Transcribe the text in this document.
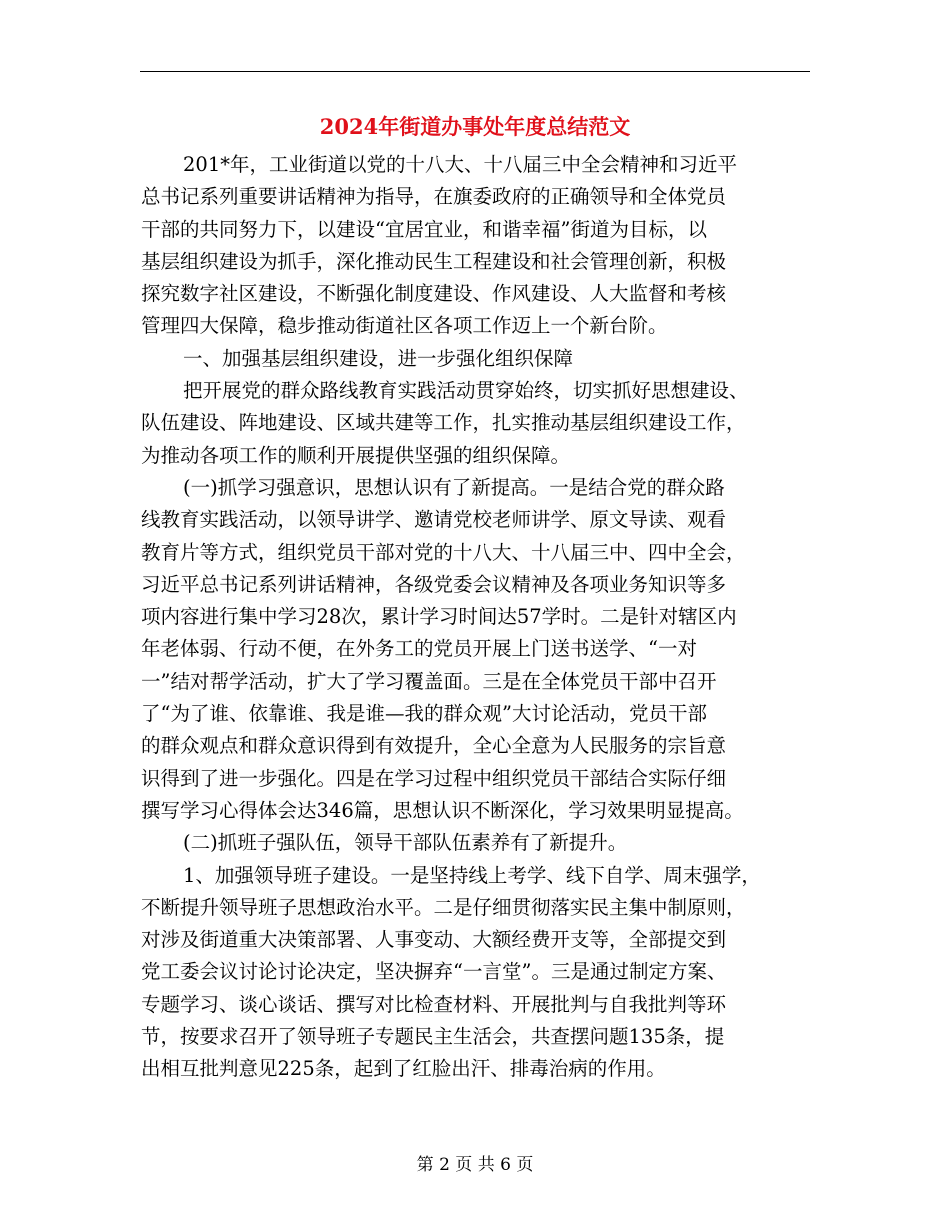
2024年街道办事处年度总结范文
201*年，工业街道以党的十八大、十八届三中全会精神和习近平
总书记系列重要讲话精神为指导，在旗委政府的正确领导和全体党员
干部的共同努力下，以建设“宜居宜业，和谐幸福”街道为目标，以
基层组织建设为抓手，深化推动民生工程建设和社会管理创新，积极
探究数字社区建设，不断强化制度建设、作风建设、人大监督和考核
管理四大保障，稳步推动街道社区各项工作迈上一个新台阶。
一、加强基层组织建设，进一步强化组织保障
把开展党的群众路线教育实践活动贯穿始终，切实抓好思想建设、
队伍建设、阵地建设、区域共建等工作，扎实推动基层组织建设工作，
为推动各项工作的顺利开展提供坚强的组织保障。
(一)抓学习强意识，思想认识有了新提高。一是结合党的群众路
线教育实践活动，以领导讲学、邀请党校老师讲学、原文导读、观看
教育片等方式，组织党员干部对党的十八大、十八届三中、四中全会，
习近平总书记系列讲话精神，各级党委会议精神及各项业务知识等多
项内容进行集中学习28次，累计学习时间达57学时。二是针对辖区内
年老体弱、行动不便，在外务工的党员开展上门送书送学、“一对
一”结对帮学活动，扩大了学习覆盖面。三是在全体党员干部中召开
了“为了谁、依靠谁、我是谁—我的群众观”大讨论活动，党员干部
的群众观点和群众意识得到有效提升，全心全意为人民服务的宗旨意
识得到了进一步强化。四是在学习过程中组织党员干部结合实际仔细
撰写学习心得体会达346篇，思想认识不断深化，学习效果明显提高。
(二)抓班子强队伍，领导干部队伍素养有了新提升。
1、加强领导班子建设。一是坚持线上考学、线下自学、周末强学，
不断提升领导班子思想政治水平。二是仔细贯彻落实民主集中制原则，
对涉及街道重大决策部署、人事变动、大额经费开支等，全部提交到
党工委会议讨论讨论决定，坚决摒弃“一言堂”。三是通过制定方案、
专题学习、谈心谈话、撰写对比检查材料、开展批判与自我批判等环
节，按要求召开了领导班子专题民主生活会，共查摆问题135条，提
出相互批判意见225条，起到了红脸出汗、排毒治病的作用。
第 2 页 共 6 页
